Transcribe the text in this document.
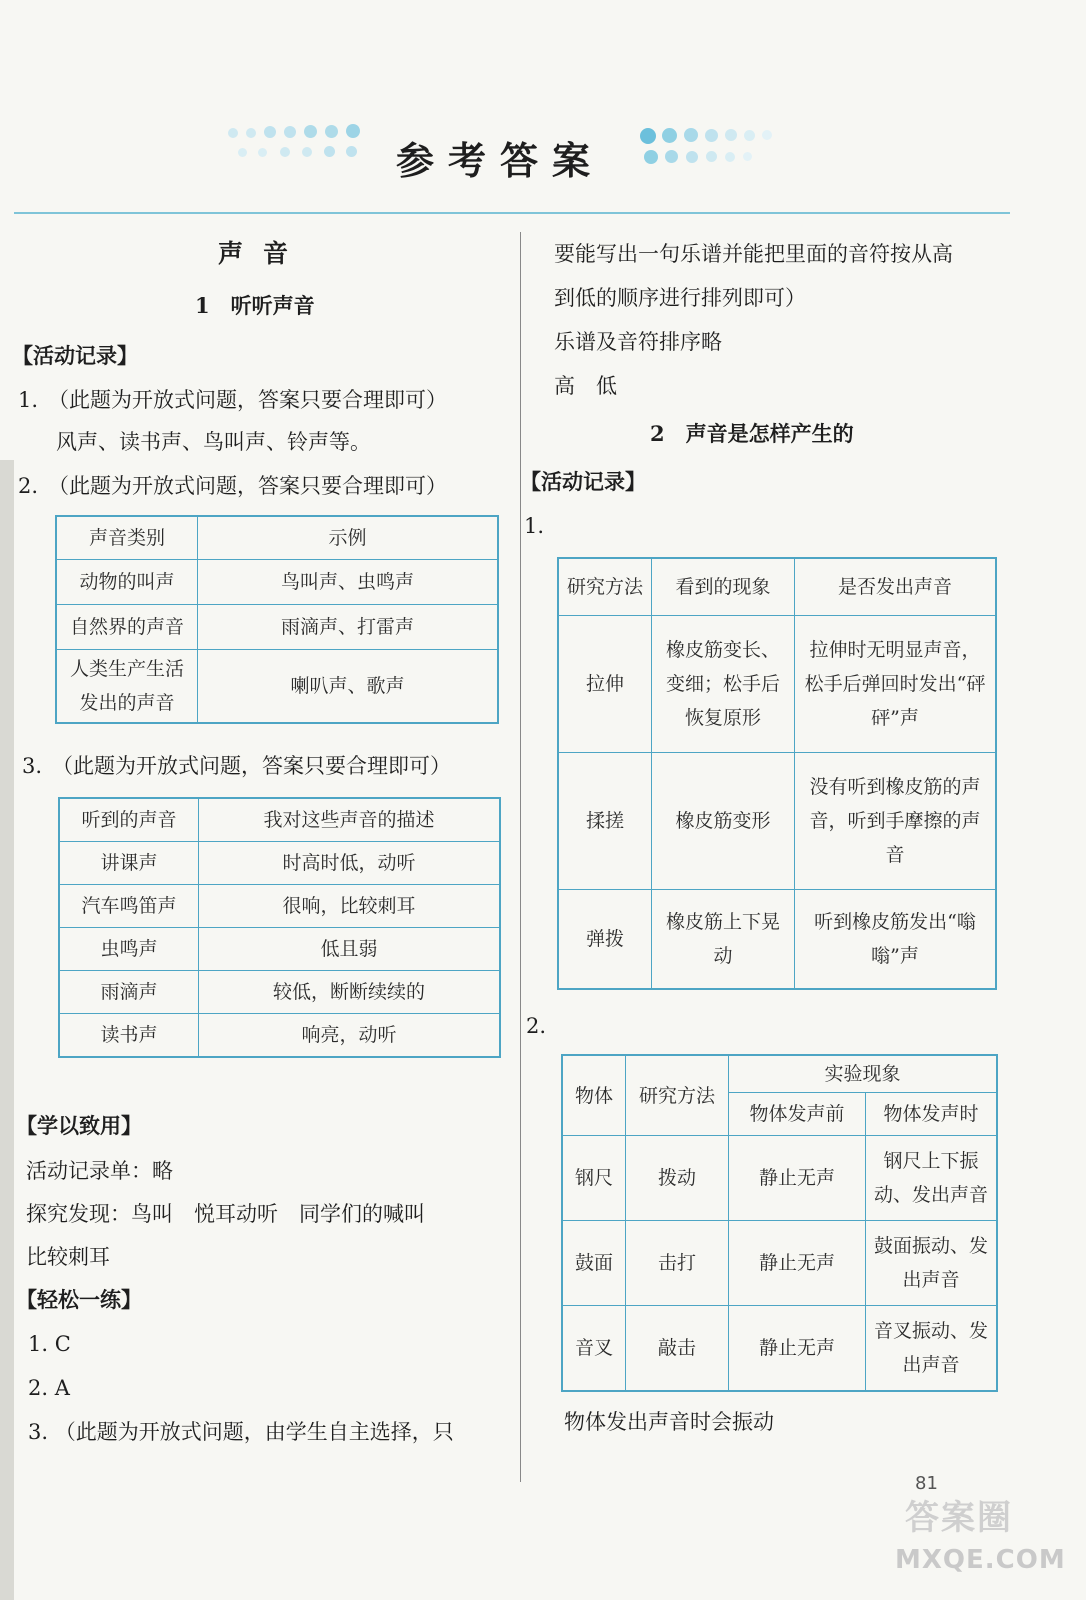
参考答案
声音
1　听听声音
【活动记录】
1. （此题为开放式问题，答案只要合理即可）
风声、读书声、鸟叫声、铃声等。
2. （此题为开放式问题，答案只要合理即可）
声音类别	示例
动物的叫声	鸟叫声、虫鸣声
自然界的声音	雨滴声、打雷声
人类生产生活发出的声音	喇叭声、歌声
3. （此题为开放式问题，答案只要合理即可）
听到的声音	我对这些声音的描述
讲课声	时高时低，动听
汽车鸣笛声	很响，比较刺耳
虫鸣声	低且弱
雨滴声	较低，断断续续的
读书声	响亮，动听
【学以致用】
活动记录单：略
探究发现：鸟叫　悦耳动听　同学们的喊叫
比较刺耳
【轻松一练】
1. C
2. A
3. （此题为开放式问题，由学生自主选择，只
要能写出一句乐谱并能把里面的音符按从高
到低的顺序进行排列即可）
乐谱及音符排序略
高　低
2　声音是怎样产生的
【活动记录】
1.
研究方法	看到的现象	是否发出声音
拉伸	橡皮筋变长、变细；松手后恢复原形	拉伸时无明显声音，松手后弹回时发出“砰砰”声
揉搓	橡皮筋变形	没有听到橡皮筋的声音，听到手摩擦的声音
弹拨	橡皮筋上下晃动	听到橡皮筋发出“嗡嗡”声
2.
物体	研究方法	实验现象	
		物体发声前	物体发声时
钢尺	拨动	静止无声	钢尺上下振动、发出声音
鼓面	击打	静止无声	鼓面振动、发出声音
音叉	敲击	静止无声	音叉振动、发出声音
物体发出声音时会振动
81
答案圈
MXQE.COM
